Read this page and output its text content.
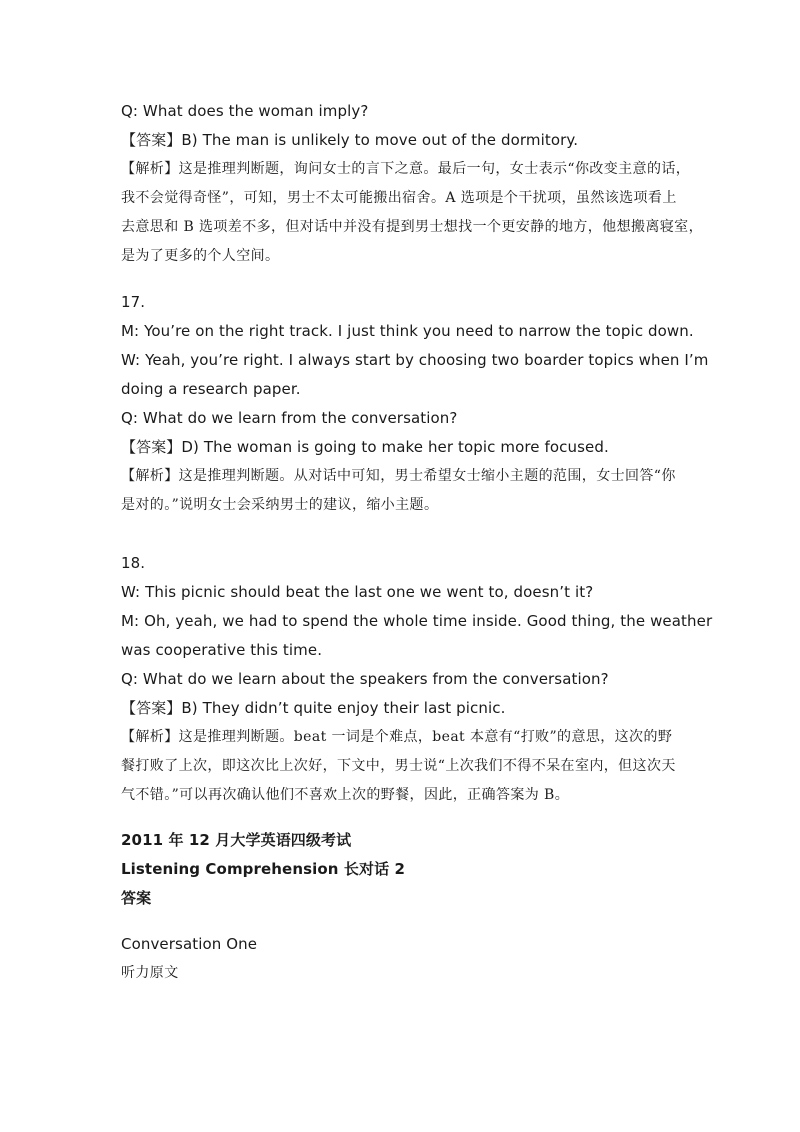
Q: What does the woman imply?
【答案】B) The man is unlikely to move out of the dormitory.
【解析】这是推理判断题，询问女士的言下之意。最后一句，女士表示“你改变主意的话，
我不会觉得奇怪”，可知，男士不太可能搬出宿舍。A 选项是个干扰项，虽然该选项看上
去意思和 B 选项差不多，但对话中并没有提到男士想找一个更安静的地方，他想搬离寝室，
是为了更多的个人空间。
17.
M: You’re on the right track. I just think you need to narrow the topic down.
W: Yeah, you’re right. I always start by choosing two boarder topics when I’m
doing a research paper.
Q: What do we learn from the conversation?
【答案】D) The woman is going to make her topic more focused.
【解析】这是推理判断题。从对话中可知，男士希望女士缩小主题的范围，女士回答“你
是对的。”说明女士会采纳男士的建议，缩小主题。
18.
W: This picnic should beat the last one we went to, doesn’t it?
M: Oh, yeah, we had to spend the whole time inside. Good thing, the weather
was cooperative this time.
Q: What do we learn about the speakers from the conversation?
【答案】B) They didn’t quite enjoy their last picnic.
【解析】这是推理判断题。beat 一词是个难点，beat 本意有“打败”的意思，这次的野
餐打败了上次，即这次比上次好，下文中，男士说“上次我们不得不呆在室内，但这次天
气不错。”可以再次确认他们不喜欢上次的野餐，因此，正确答案为 B。
2011 年 12 月大学英语四级考试
Listening Comprehension 长对话 2
答案
Conversation One
听力原文
